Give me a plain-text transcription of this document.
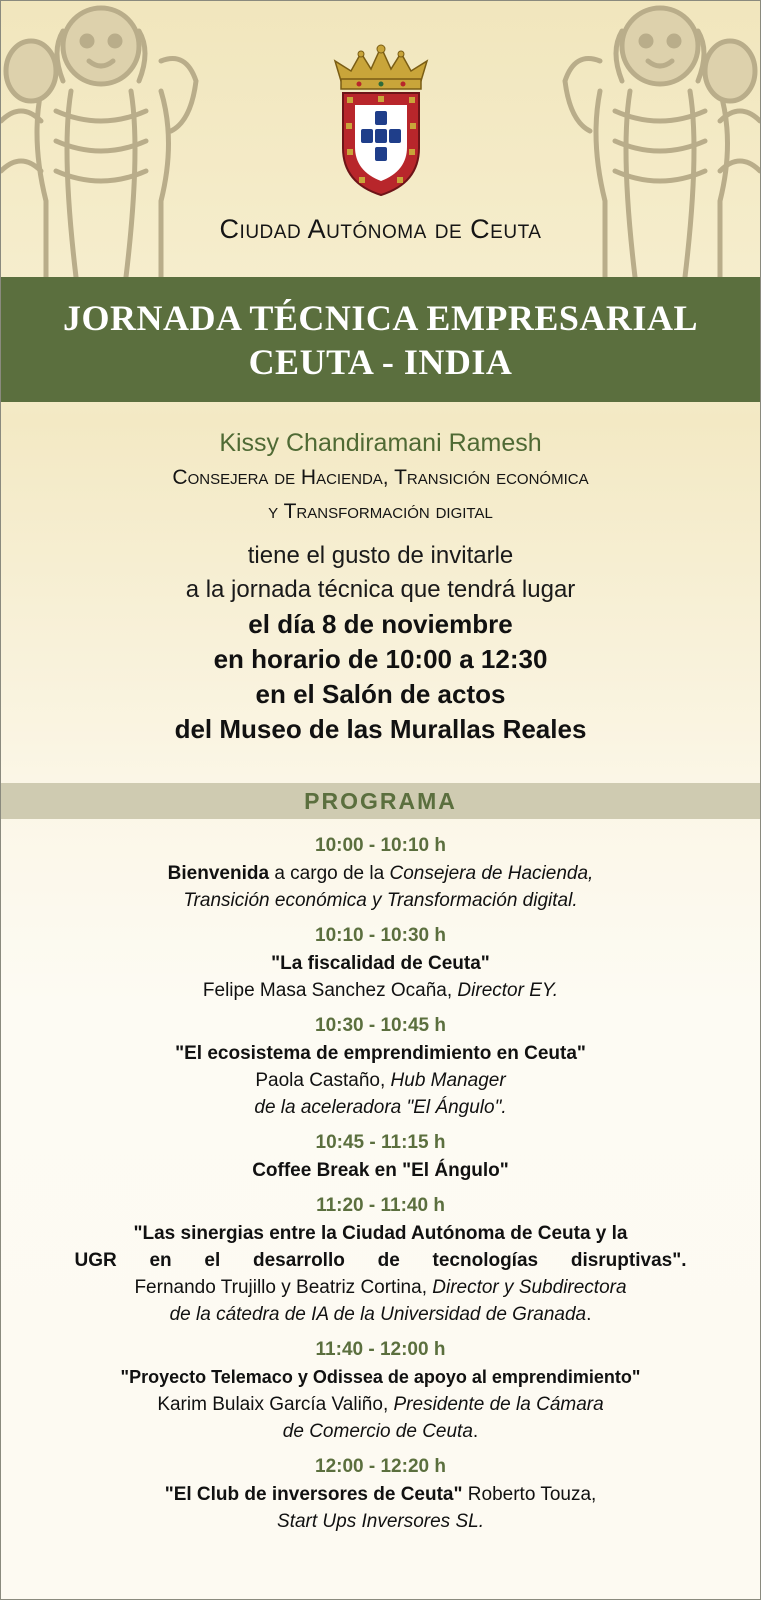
Ciudad Autónoma de Ceuta
JORNADA TÉCNICA EMPRESARIAL
CEUTA - INDIA
Kissy Chandiramani Ramesh
Consejera de Hacienda, Transición económica
y Transformación digital
tiene el gusto de invitarle
a la jornada técnica que tendrá lugar
el día 8 de noviembre
en horario de 10:00 a 12:30
en el Salón de actos
del Museo de las Murallas Reales
PROGRAMA
10:00 - 10:10 h
Bienvenida a cargo de la Consejera de Hacienda,
Transición económica y Transformación digital.
10:10 - 10:30 h
"La fiscalidad de Ceuta"
Felipe Masa Sanchez Ocaña, Director EY.
10:30 - 10:45 h
"El ecosistema de emprendimiento en Ceuta"
Paola Castaño, Hub Manager
de la aceleradora "El Ángulo".
10:45 - 11:15 h
Coffee Break en "El Ángulo"
11:20 - 11:40 h
"Las sinergias entre la Ciudad Autónoma de Ceuta y la
UGR en el desarrollo de tecnologías disruptivas".
Fernando Trujillo y Beatriz Cortina, Director y Subdirectora
de la cátedra de IA de la Universidad de Granada.
11:40 - 12:00 h
"Proyecto Telemaco y Odissea de apoyo al emprendimiento"
Karim Bulaix García Valiño, Presidente de la Cámara
de Comercio de Ceuta.
12:00 - 12:20 h
"El Club de inversores de Ceuta" Roberto Touza,
Start Ups Inversores SL.
